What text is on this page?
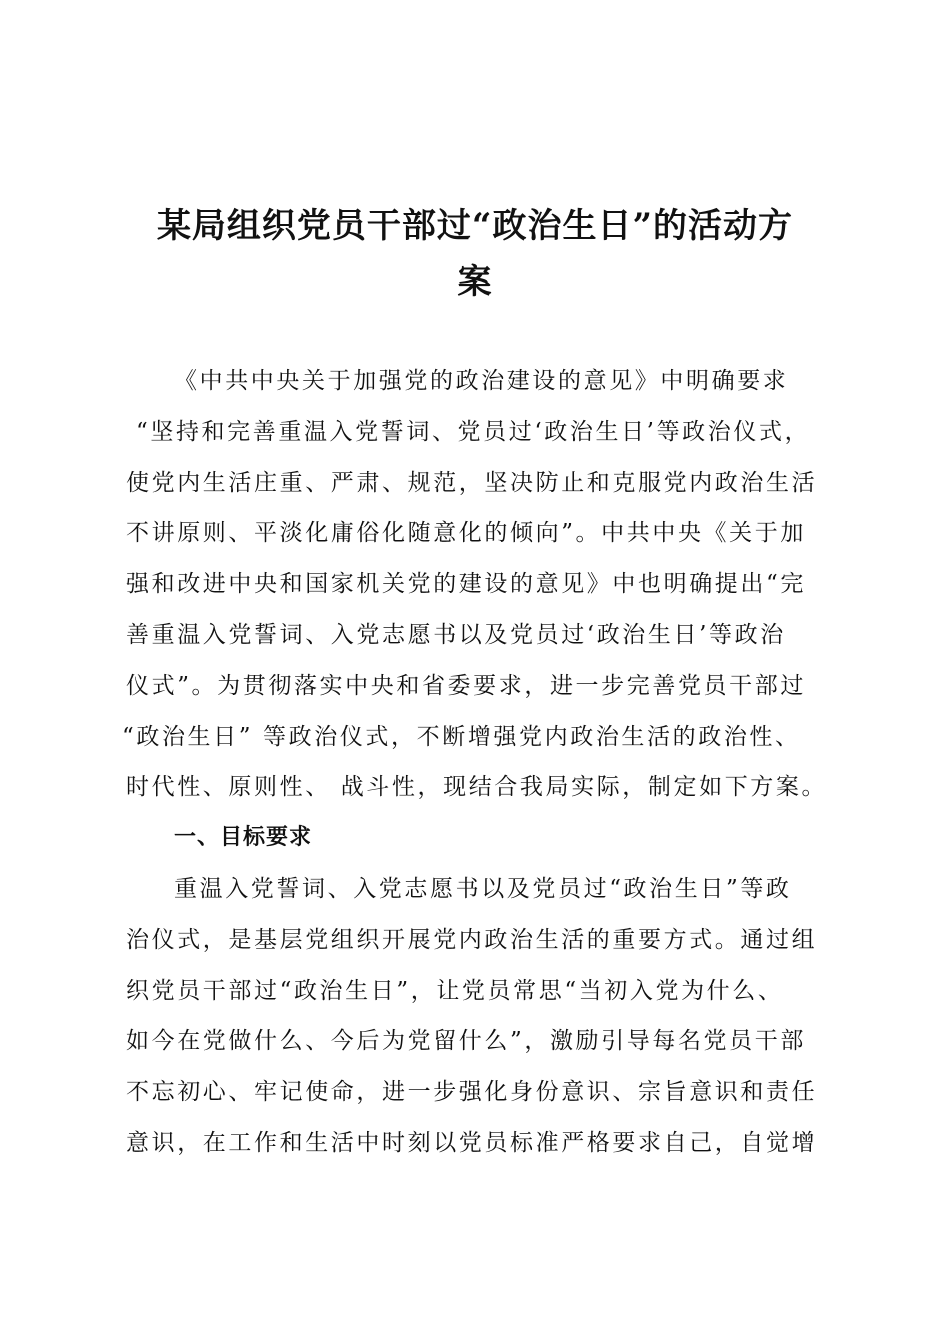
某局组织党员干部过“政治生日”的活动方
案
《中共中央关于加强党的政治建设的意见》中明确要求
“坚持和完善重温入党誓词、党员过‘政治生日’等政治仪式，
使党内生活庄重、严肃、规范，坚决防止和克服党内政治生活
不讲原则、平淡化庸俗化随意化的倾向”。中共中央《关于加
强和改进中央和国家机关党的建设的意见》中也明确提出“完
善重温入党誓词、入党志愿书以及党员过‘政治生日’等政治
仪式”。为贯彻落实中央和省委要求，进一步完善党员干部过
“政治生日” 等政治仪式，不断增强党内政治生活的政治性、
时代性、原则性、 战斗性，现结合我局实际，制定如下方案。
一、目标要求
重温入党誓词、入党志愿书以及党员过“政治生日”等政
治仪式，是基层党组织开展党内政治生活的重要方式。通过组
织党员干部过“政治生日”，让党员常思“当初入党为什么、
如今在党做什么、今后为党留什么”，激励引导每名党员干部
不忘初心、牢记使命，进一步强化身份意识、宗旨意识和责任
意识，在工作和生活中时刻以党员标准严格要求自己，自觉增
